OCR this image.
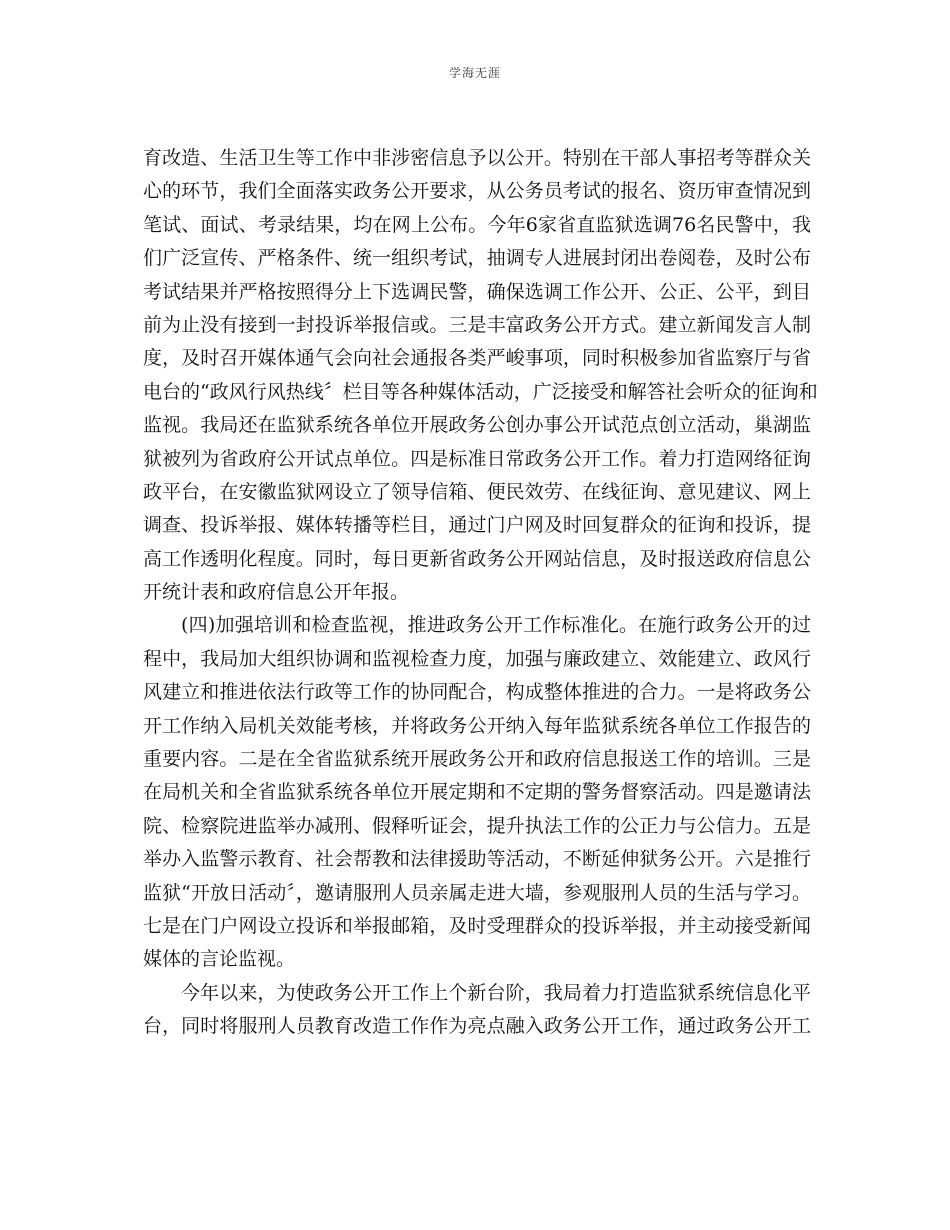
学海无涯
育改造、生活卫生等工作中非涉密信息予以公开。特别在干部人事招考等群众关
心的环节，我们全面落实政务公开要求，从公务员考试的报名、资历审查情况到
笔试、面试、考录结果，均在网上公布。今年6家省直监狱选调76名民警中，我
们广泛宣传、严格条件、统一组织考试，抽调专人进展封闭出卷阅卷，及时公布
考试结果并严格按照得分上下选调民警，确保选调工作公开、公正、公平，到目
前为止没有接到一封投诉举报信或。三是丰富政务公开方式。建立新闻发言人制
度，及时召开媒体通气会向社会通报各类严峻事项，同时积极参加省监察厅与省
电台的“政风行风热线〞栏目等各种媒体活动，广泛接受和解答社会听众的征询和
监视。我局还在监狱系统各单位开展政务公创办事公开试范点创立活动，巢湖监
狱被列为省政府公开试点单位。四是标准日常政务公开工作。着力打造网络征询
政平台，在安徽监狱网设立了领导信箱、便民效劳、在线征询、意见建议、网上
调查、投诉举报、媒体转播等栏目，通过门户网及时回复群众的征询和投诉，提
高工作透明化程度。同时，每日更新省政务公开网站信息，及时报送政府信息公
开统计表和政府信息公开年报。
(四)加强培训和检查监视，推进政务公开工作标准化。在施行政务公开的过
程中，我局加大组织协调和监视检查力度，加强与廉政建立、效能建立、政风行
风建立和推进依法行政等工作的协同配合，构成整体推进的合力。一是将政务公
开工作纳入局机关效能考核，并将政务公开纳入每年监狱系统各单位工作报告的
重要内容。二是在全省监狱系统开展政务公开和政府信息报送工作的培训。三是
在局机关和全省监狱系统各单位开展定期和不定期的警务督察活动。四是邀请法
院、检察院进监举办减刑、假释听证会，提升执法工作的公正力与公信力。五是
举办入监警示教育、社会帮教和法律援助等活动，不断延伸狱务公开。六是推行
监狱“开放日活动〞，邀请服刑人员亲属走进大墙，参观服刑人员的生活与学习。
七是在门户网设立投诉和举报邮箱，及时受理群众的投诉举报，并主动接受新闻
媒体的言论监视。
今年以来，为使政务公开工作上个新台阶，我局着力打造监狱系统信息化平
台，同时将服刑人员教育改造工作作为亮点融入政务公开工作，通过政务公开工
